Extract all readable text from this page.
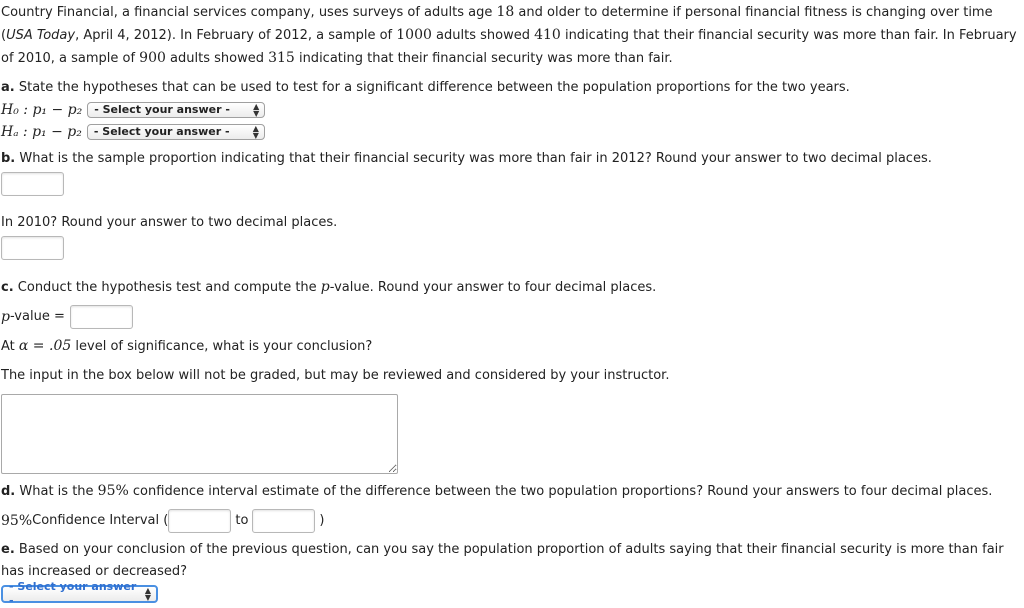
Country Financial, a financial services company, uses surveys of adults age 18 and older to determine if personal financial fitness is changing over time (USA Today, April 4, 2012). In February of 2012, a sample of 1000 adults showed 410 indicating that their financial security was more than fair. In February of 2010, a sample of 900 adults showed 315 indicating that their financial security was more than fair.

a. State the hypotheses that can be used to test for a significant difference between the population proportions for the two years.

H₀ : p₁ − p₂ - Select your answer -	▲
▼
Hₐ : p₁ − p₂ - Select your answer -	▲
▼

b. What is the sample proportion indicating that their financial security was more than fair in 2012? Round your answer to two decimal places.

In 2010? Round your answer to two decimal places.

c. Conduct the hypothesis test and compute the p-value. Round your answer to four decimal places.

p -value =

At α = .05 level of significance, what is your conclusion?

The input in the box below will not be graded, but may be reviewed and considered by your instructor.

d. What is the 95% confidence interval estimate of the difference between the two population proportions? Round your answers to four decimal places.

95% Confidence Interval (	to	)

e. Based on your conclusion of the previous question, can you say the population proportion of adults saying that their financial security is more than fair has increased or decreased?

- Select your answer -
▲
▼
